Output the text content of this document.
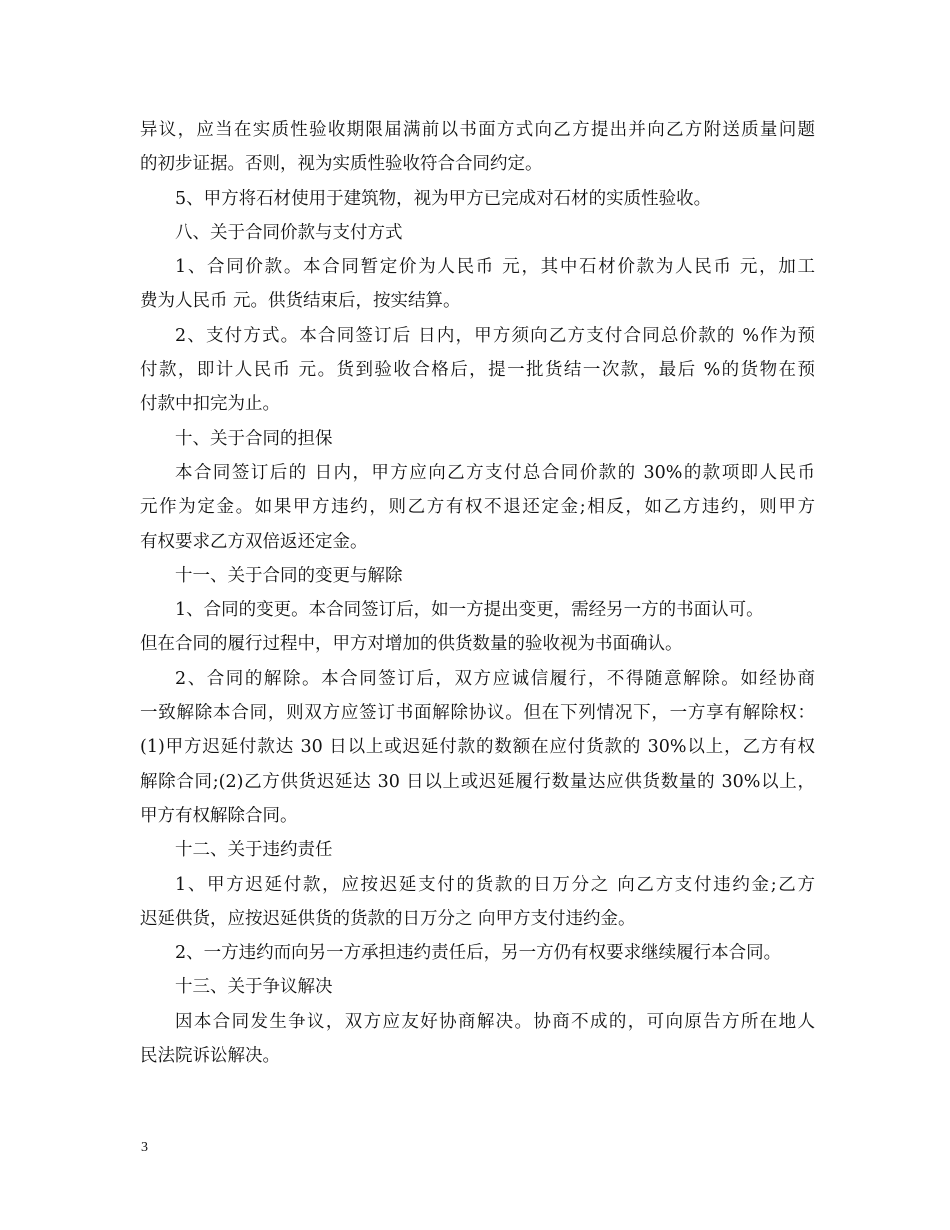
异议，应当在实质性验收期限届满前以书面方式向乙方提出并向乙方附送质量问题
的初步证据。否则，视为实质性验收符合合同约定。
5、甲方将石材使用于建筑物，视为甲方已完成对石材的实质性验收。
八、关于合同价款与支付方式
1、合同价款。本合同暂定价为人民币 元，其中石材价款为人民币 元，加工
费为人民币 元。供货结束后，按实结算。
2、支付方式。本合同签订后 日内，甲方须向乙方支付合同总价款的 %作为预
付款，即计人民币 元。货到验收合格后，提一批货结一次款，最后 %的货物在预
付款中扣完为止。
十、关于合同的担保
本合同签订后的 日内，甲方应向乙方支付总合同价款的 30%的款项即人民币
元作为定金。如果甲方违约，则乙方有权不退还定金;相反，如乙方违约，则甲方
有权要求乙方双倍返还定金。
十一、关于合同的变更与解除
1、合同的变更。本合同签订后，如一方提出变更，需经另一方的书面认可。
但在合同的履行过程中，甲方对增加的供货数量的验收视为书面确认。
2、合同的解除。本合同签订后，双方应诚信履行，不得随意解除。如经协商
一致解除本合同，则双方应签订书面解除协议。但在下列情况下，一方享有解除权：
(1)甲方迟延付款达 30 日以上或迟延付款的数额在应付货款的 30%以上，乙方有权
解除合同;(2)乙方供货迟延达 30 日以上或迟延履行数量达应供货数量的 30%以上，
甲方有权解除合同。
十二、关于违约责任
1、甲方迟延付款，应按迟延支付的货款的日万分之 向乙方支付违约金;乙方
迟延供货，应按迟延供货的货款的日万分之 向甲方支付违约金。
2、一方违约而向另一方承担违约责任后，另一方仍有权要求继续履行本合同。
十三、关于争议解决
因本合同发生争议，双方应友好协商解决。协商不成的，可向原告方所在地人
民法院诉讼解决。
3
